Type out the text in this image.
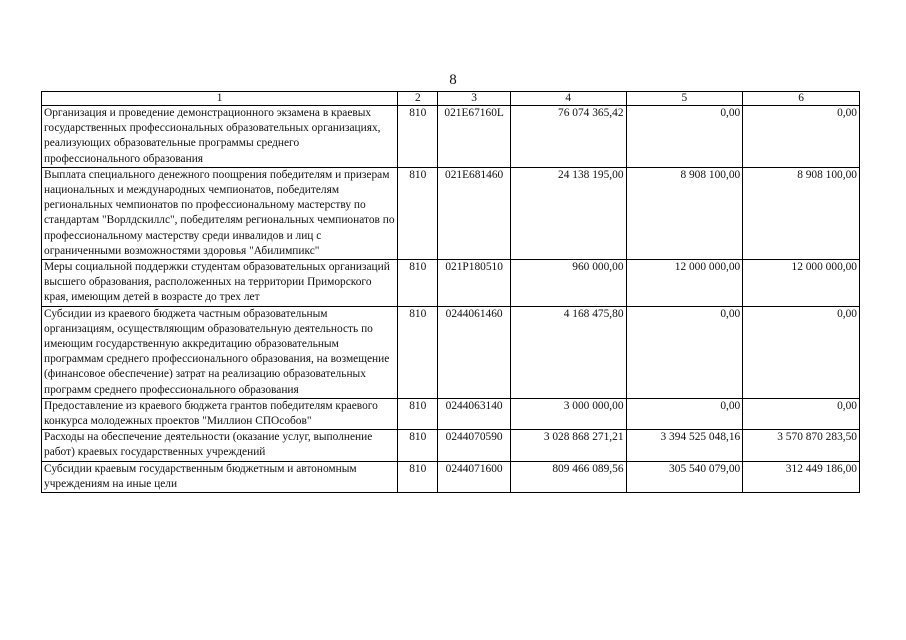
8
1	2	3	4	5	6
Организация и проведение демонстрационного экзамена в краевых государственных профессиональных образовательных организациях, реализующих образовательные программы среднего профессионального образования	810	021E67160L	76 074 365,42	0,00	0,00
Выплата специального денежного поощрения победителям и призерам национальных и международных чемпионатов, победителям региональных чемпионатов по профессиональному мастерству по стандартам "Ворлдскиллс", победителям региональных чемпионатов по профессиональному мастерству среди инвалидов и лиц с ограниченными возможностями здоровья "Абилимпикс"	810	021E681460	24 138 195,00	8 908 100,00	8 908 100,00
Меры социальной поддержки студентам образовательных организаций высшего образования, расположенных на территории Приморского края, имеющим детей в возрасте до трех лет	810	021Р180510	960 000,00	12 000 000,00	12 000 000,00
Субсидии из краевого бюджета частным образовательным организациям, осуществляющим образовательную деятельность по имеющим государственную аккредитацию образовательным программам среднего профессионального образования, на возмещение (финансовое обеспечение) затрат на реализацию образовательных программ среднего профессионального образования	810	0244061460	4 168 475,80	0,00	0,00
Предоставление из краевого бюджета грантов победителям краевого конкурса молодежных проектов "Миллион СПОсобов"	810	0244063140	3 000 000,00	0,00	0,00
Расходы на обеспечение деятельности (оказание услуг, выполнение работ) краевых государственных учреждений	810	0244070590	3 028 868 271,21	3 394 525 048,16	3 570 870 283,50
Субсидии краевым государственным бюджетным и автономным учреждениям на иные цели	810	0244071600	809 466 089,56	305 540 079,00	312 449 186,00
